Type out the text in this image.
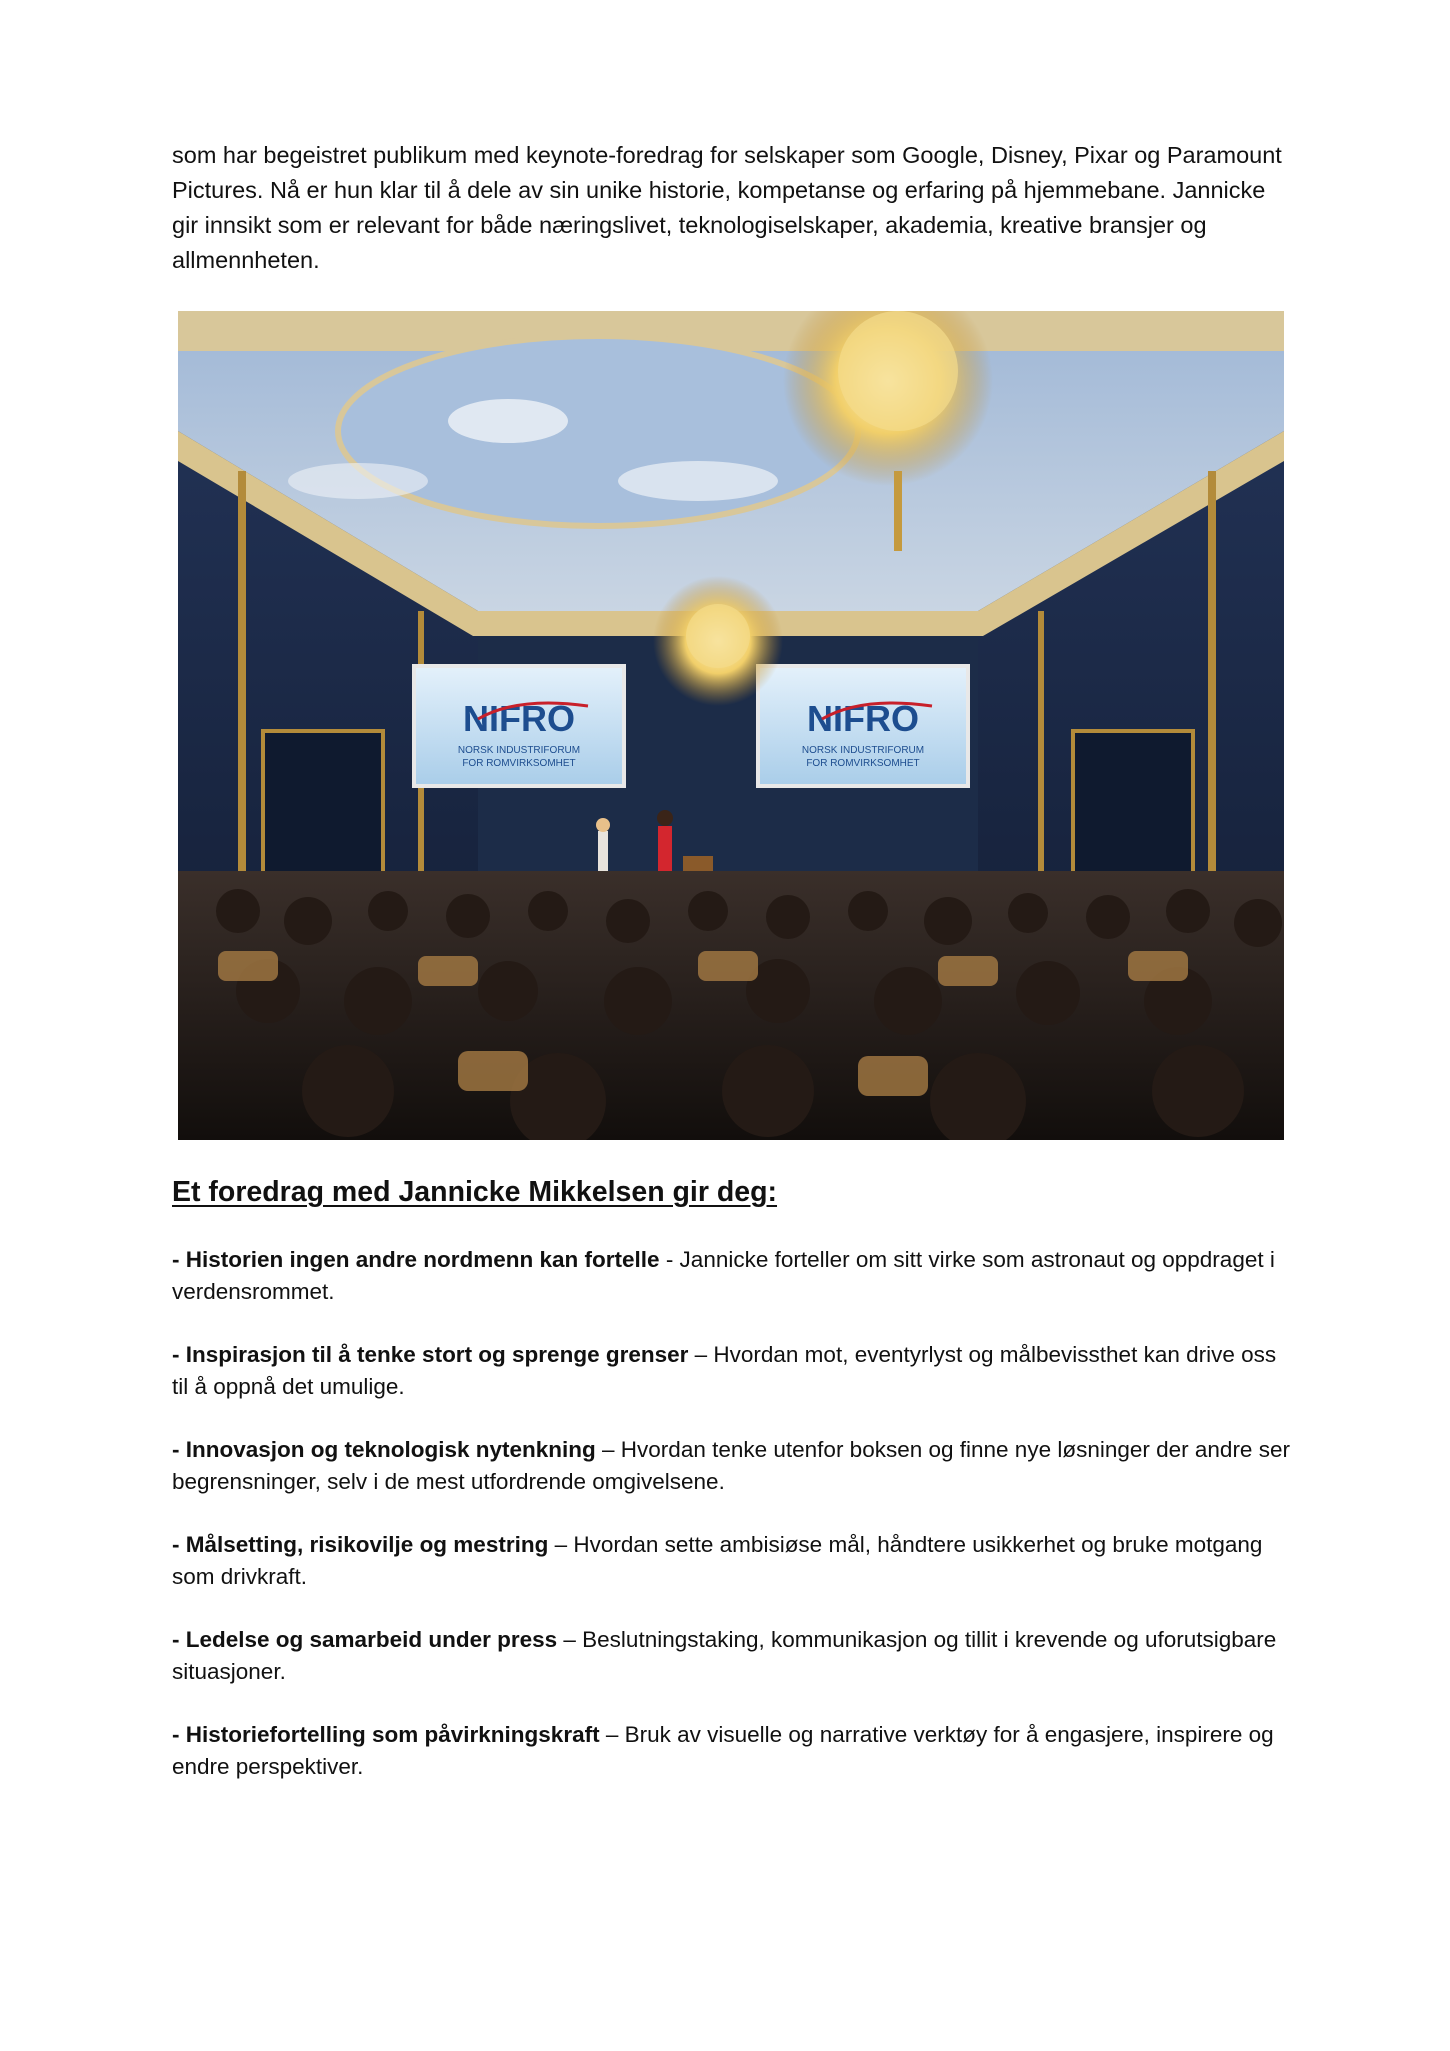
som har begeistret publikum med keynote-foredrag for selskaper som Google, Disney, Pixar og Paramount Pictures. Nå er hun klar til å dele av sin unike historie, kompetanse og erfaring på hjemmebane. Jannicke gir innsikt som er relevant for både næringslivet, teknologiselskaper, akademia, kreative bransjer og allmennheten.

NIFRO
NORSK INDUSTRIFORUM
FOR ROMVIRKSOMHET
NIFRO
NORSK INDUSTRIFORUM
FOR ROMVIRKSOMHET
Et foredrag med Jannicke Mikkelsen gir deg:

- Historien ingen andre nordmenn kan fortelle - Jannicke forteller om sitt virke som astronaut og oppdraget i verdensrommet.

- Inspirasjon til å tenke stort og sprenge grenser – Hvordan mot, eventyrlyst og målbevissthet kan drive oss til å oppnå det umulige.

- Innovasjon og teknologisk nytenkning – Hvordan tenke utenfor boksen og finne nye løsninger der andre ser begrensninger, selv i de mest utfordrende omgivelsene.

- Målsetting, risikovilje og mestring – Hvordan sette ambisiøse mål, håndtere usikkerhet og bruke motgang som drivkraft.

- Ledelse og samarbeid under press – Beslutningstaking, kommunikasjon og tillit i krevende og uforutsigbare situasjoner.

- Historiefortelling som påvirkningskraft – Bruk av visuelle og narrative verktøy for å engasjere, inspirere og endre perspektiver.
